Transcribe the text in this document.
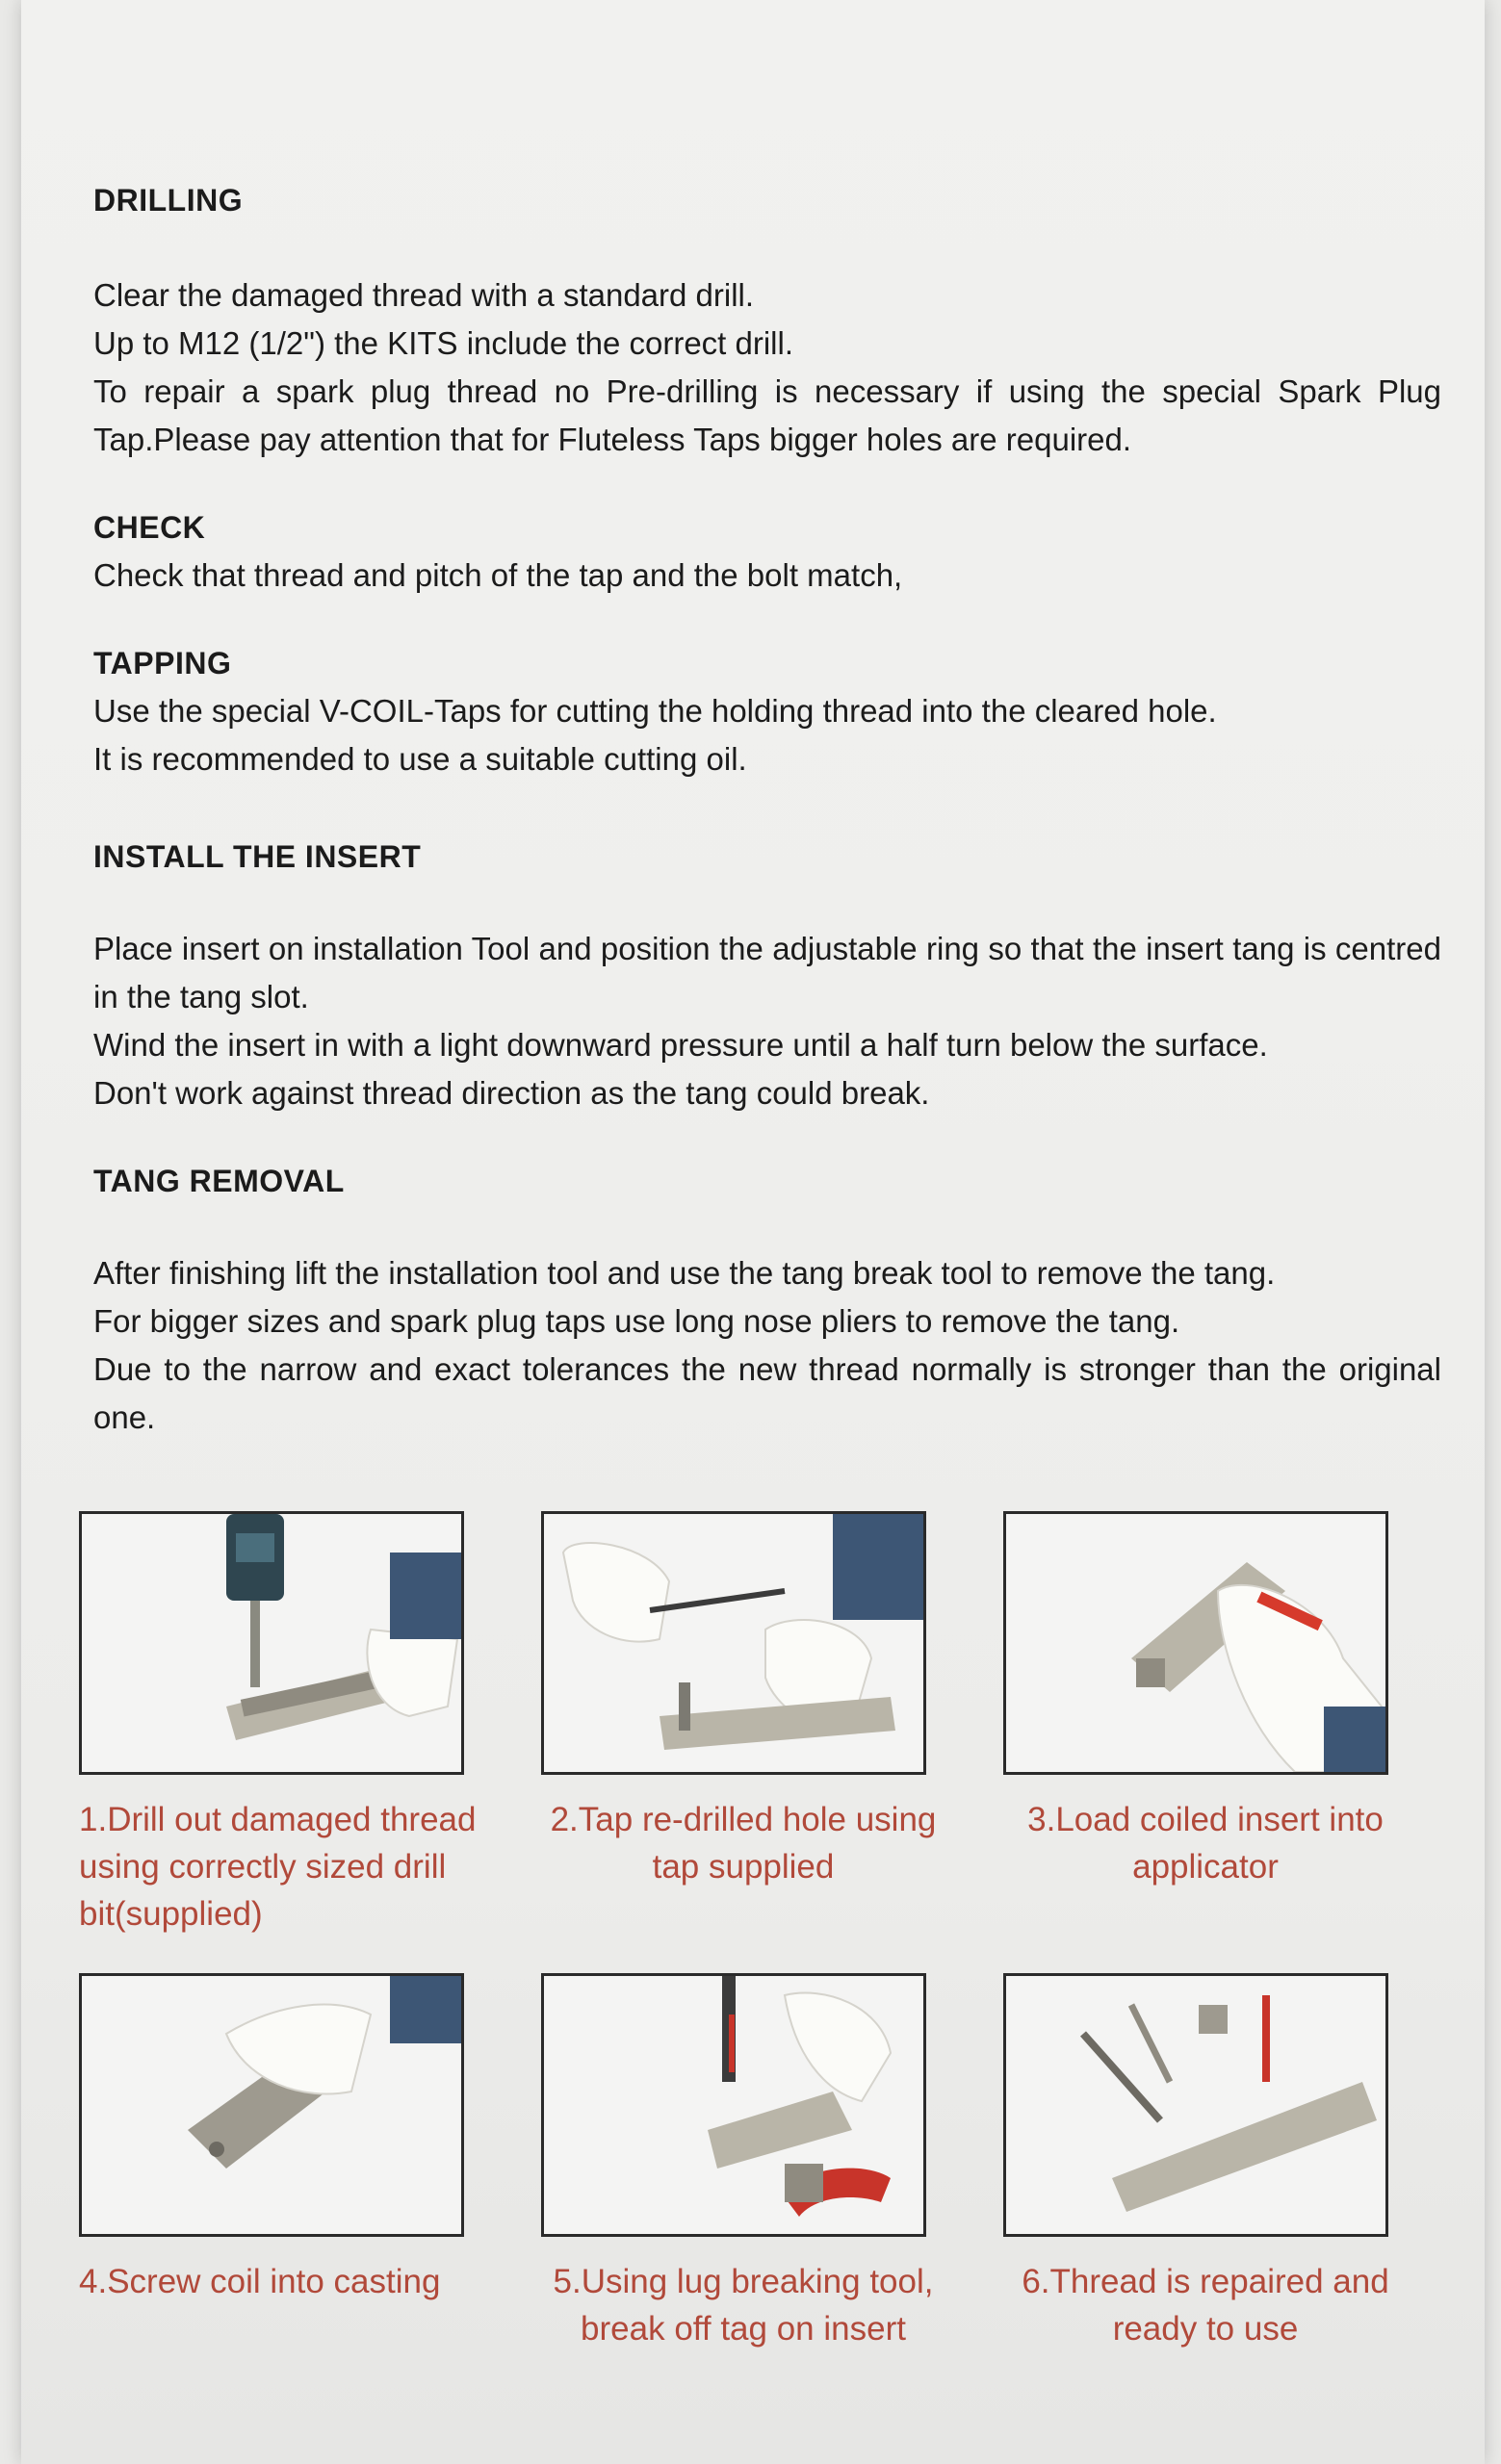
DRILLING

Clear the damaged thread with a standard drill.

Up to M12 (1/2") the KITS include the correct drill.

To repair a spark plug thread no Pre-drilling is necessary if using the special Spark Plug Tap.Please pay attention that for Fluteless Taps bigger holes are required.

CHECK

Check that thread and pitch of the tap and the bolt match,

TAPPING

Use the special V-COIL-Taps for cutting the holding thread into the cleared hole.

It is recommended to use a suitable cutting oil.

INSTALL THE INSERT

Place insert on installation Tool and position the adjustable ring so that the insert tang is centred in the tang slot.

Wind the insert in with a light downward pressure until a half turn below the surface.

Don't work against thread direction as the tang could break.

TANG REMOVAL

After finishing lift the installation tool and use the tang break tool to remove the tang.

For bigger sizes and spark plug taps use long nose pliers to remove the tang.

Due to the narrow and exact tolerances the new thread normally is stronger than the original one.

1.Drill out damaged thread using correctly sized drill bit(supplied)
2.Tap re-drilled hole using tap supplied
3.Load coiled insert into applicator
4.Screw coil into casting	5.Using lug breaking tool, break off tag on insert
6.Thread is repaired and ready to use
